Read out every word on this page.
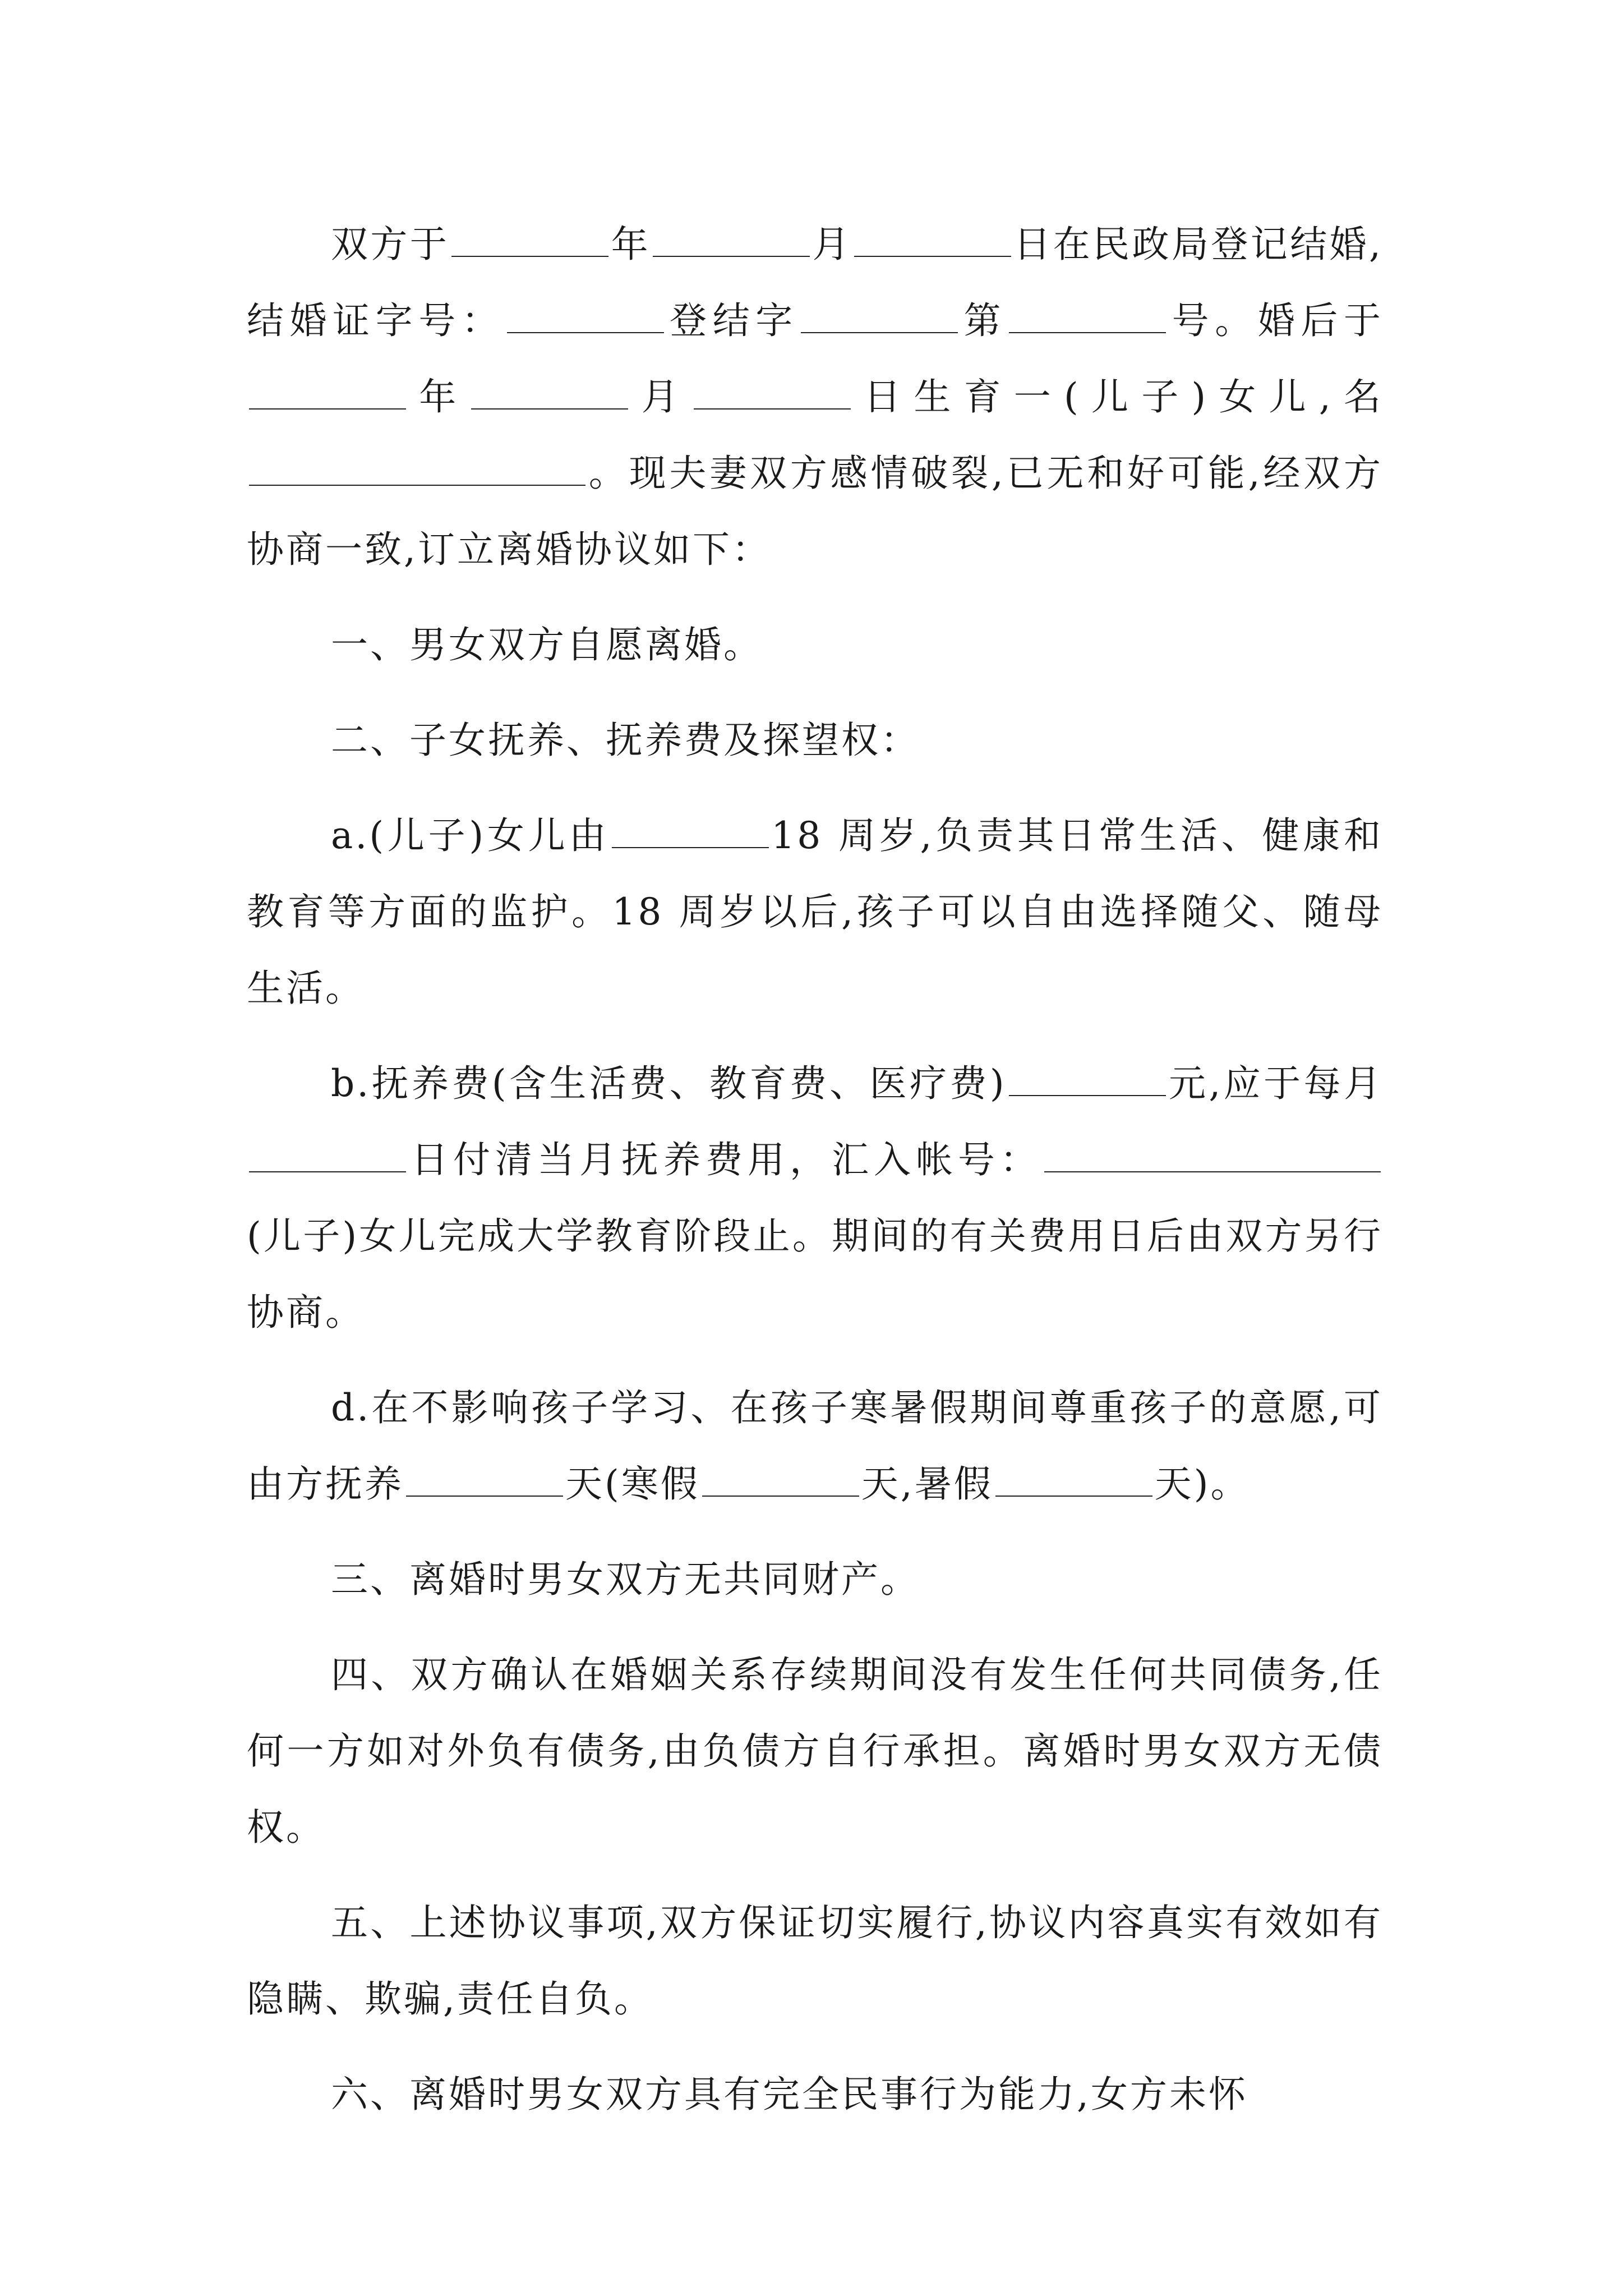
双方于	年	月	日在民政局登记结婚,结婚证字号：	登结字	第	号。婚后于年	月	日生育一(儿子)女儿,名。现夫妻双方感情破裂,已无和好可能,经双方协商一致,订立离婚协议如下：

一、男女双方自愿离婚。

二、子女抚养、抚养费及探望权：

a.(儿子)女儿由	18 周岁,负责其日常生活、健康和教育等方面的监护。18 周岁以后,孩子可以自由选择随父、随母生活。

b.抚养费(含生活费、教育费、医疗费)	元,应于每月日付清当月抚养费用，汇入帐号：(儿子)女儿完成大学教育阶段止。期间的有关费用日后由双方另行协商。

d.在不影响孩子学习、在孩子寒暑假期间尊重孩子的意愿,可由方抚养	天(寒假	天,暑假	天)。

三、离婚时男女双方无共同财产。

四、双方确认在婚姻关系存续期间没有发生任何共同债务,任何一方如对外负有债务,由负债方自行承担。离婚时男女双方无债权。

五、上述协议事项,双方保证切实履行,协议内容真实有效如有隐瞒、欺骗,责任自负。

六、离婚时男女双方具有完全民事行为能力,女方未怀
